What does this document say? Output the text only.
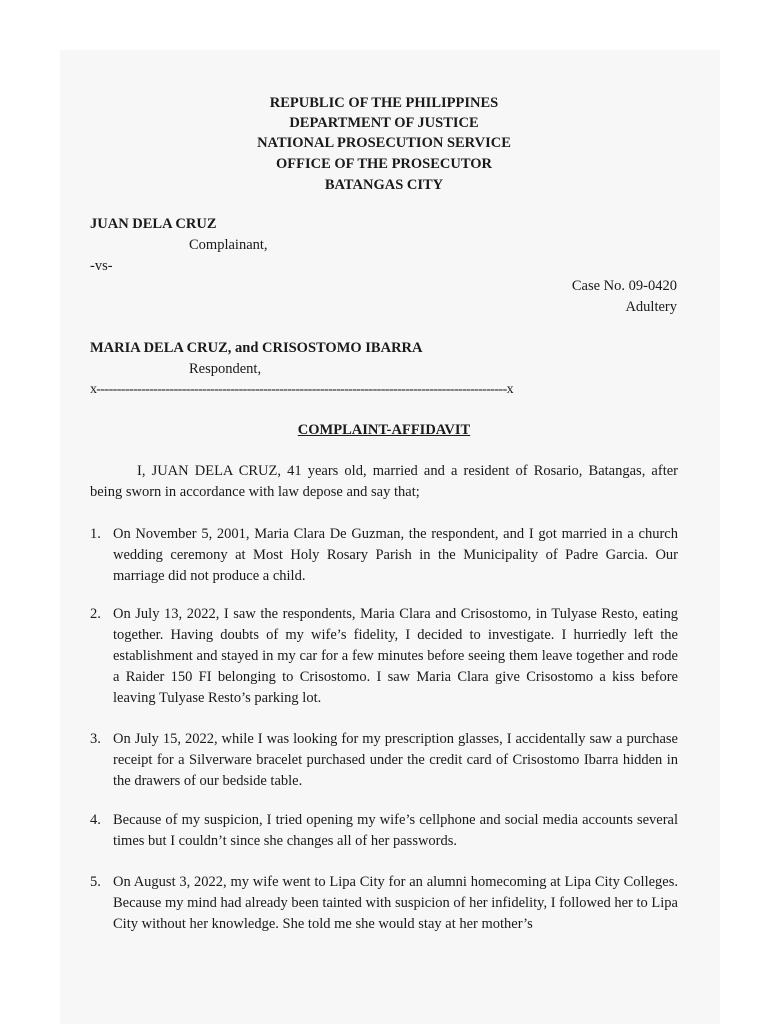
REPUBLIC OF THE PHILIPPINES
DEPARTMENT OF JUSTICE
NATIONAL PROSECUTION SERVICE
OFFICE OF THE PROSECUTOR
BATANGAS CITY
JUAN DELA CRUZ
Complainant,
-vs-
Case No. 09-0420
Adultery
MARIA DELA CRUZ, and CRISOSTOMO IBARRA
Respondent,
x-----------------------------------------------------------------------------------------------------x
COMPLAINT-AFFIDAVIT
I, JUAN DELA CRUZ, 41 years old, married and a resident of Rosario, Batangas, after being sworn in accordance with law depose and say that;
1. On November 5, 2001, Maria Clara De Guzman, the respondent, and I got married in a church wedding ceremony at Most Holy Rosary Parish in the Municipality of Padre Garcia. Our marriage did not produce a child.
2. On July 13, 2022, I saw the respondents, Maria Clara and Crisostomo, in Tulyase Resto, eating together. Having doubts of my wife’s fidelity, I decided to investigate. I hurriedly left the establishment and stayed in my car for a few minutes before seeing them leave together and rode a Raider 150 FI belonging to Crisostomo. I saw Maria Clara give Crisostomo a kiss before leaving Tulyase Resto’s parking lot.
3. On July 15, 2022, while I was looking for my prescription glasses, I accidentally saw a purchase receipt for a Silverware bracelet purchased under the credit card of Crisostomo Ibarra hidden in the drawers of our bedside table.
4. Because of my suspicion, I tried opening my wife’s cellphone and social media accounts several times but I couldn’t since she changes all of her passwords.
5. On August 3, 2022, my wife went to Lipa City for an alumni homecoming at Lipa City Colleges. Because my mind had already been tainted with suspicion of her infidelity, I followed her to Lipa City without her knowledge. She told me she would stay at her mother’s
